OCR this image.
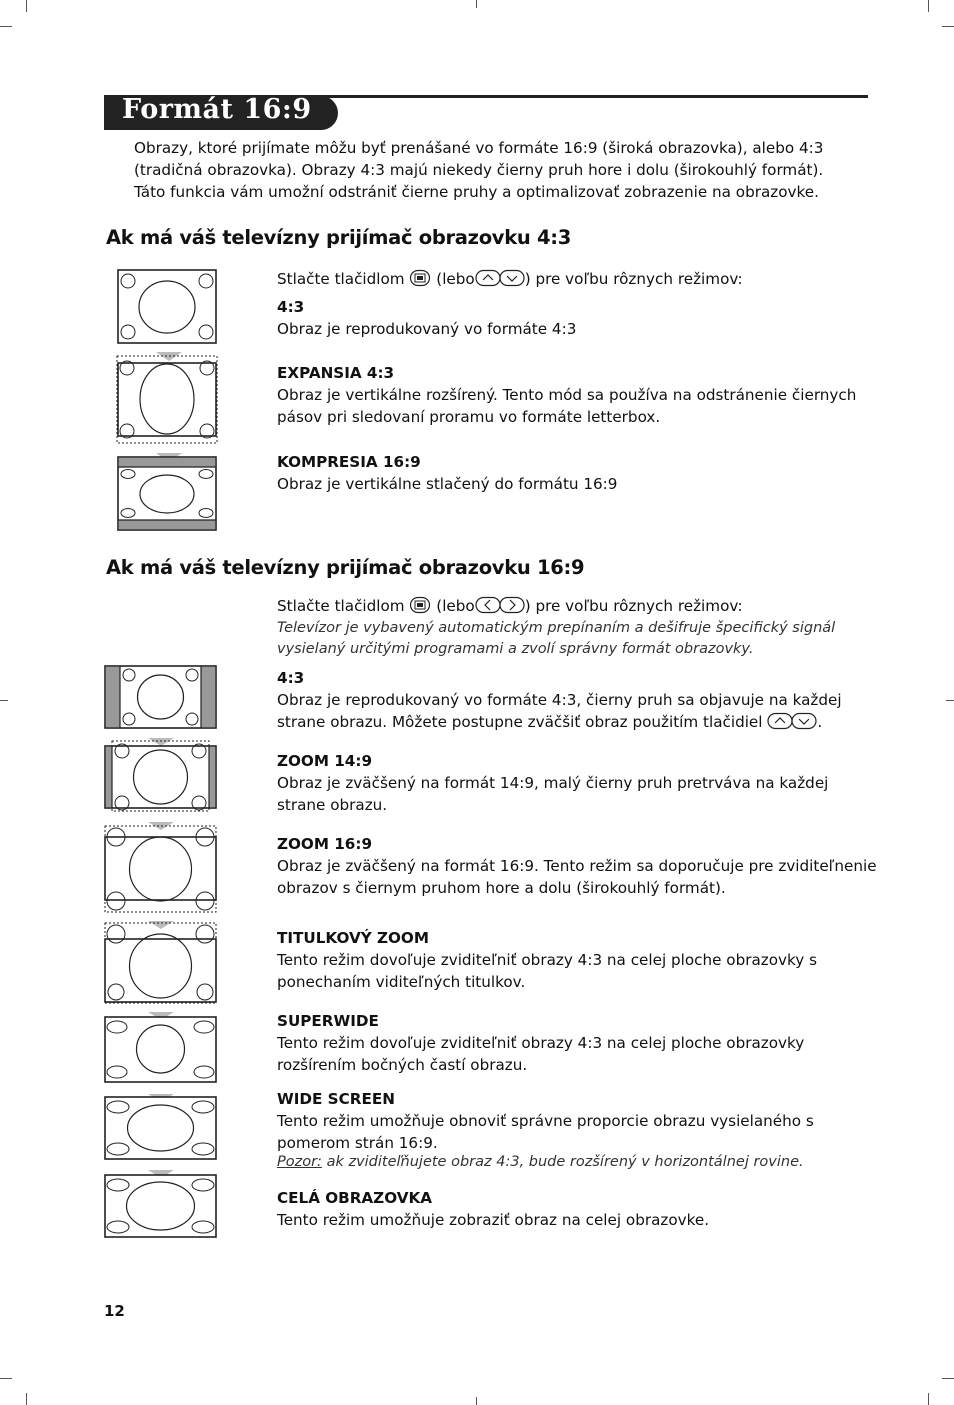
Formát 16:9
Obrazy, ktoré prijímate môžu byť prenášané vo formáte 16:9 (široká obrazovka), alebo 4:3 (tradičná obrazovka). Obrazy 4:3 majú niekedy čierny pruh hore i dolu (širokouhlý formát). Táto funkcia vám umožní odstrániť čierne pruhy a optimalizovať zobrazenie na obrazovke.
Ak má váš televízny prijímač obrazovku 4:3
Stlačte tlačidlom (lebo	) pre voľbu rôznych režimov:
4:3
Obraz je reprodukovaný vo formáte 4:3
EXPANSIA 4:3
Obraz je vertikálne rozšírený. Tento mód sa používa na odstránenie čiernych pásov pri sledovaní proramu vo formáte letterbox.
KOMPRESIA 16:9
Obraz je vertikálne stlačený do formátu 16:9
Ak má váš televízny prijímač obrazovku 16:9
Stlačte tlačidlom (lebo	) pre voľbu rôznych režimov:
Televízor je vybavený automatickým prepínaním a dešifruje špecifický signál vysielaný určitými programami a zvolí správny formát obrazovky.
4:3
Obraz je reprodukovaný vo formáte 4:3, čierny pruh sa objavuje na každej strane obrazu. Môžete postupne zväčšiť obraz použitím tlačidiel	.
ZOOM 14:9
Obraz je zväčšený na formát 14:9, malý čierny pruh pretrváva na každej strane obrazu.
ZOOM 16:9
Obraz je zväčšený na formát 16:9. Tento režim sa doporučuje pre zviditeľnenie obrazov s čiernym pruhom hore a dolu (širokouhlý formát).
TITULKOVÝ ZOOM
Tento režim dovoľuje zviditeľniť obrazy 4:3 na celej ploche obrazovky s ponechaním viditeľných titulkov.
SUPERWIDE
Tento režim dovoľuje zviditeľniť obrazy 4:3 na celej ploche obrazovky rozšírením bočných častí obrazu.
WIDE SCREEN
Tento režim umožňuje obnoviť správne proporcie obrazu vysielaného s pomerom strán 16:9.
Pozor: ak zviditeľňujete obraz 4:3, bude rozšírený v horizontálnej rovine.
CELÁ OBRAZOVKA
Tento režim umožňuje zobraziť obraz na celej obrazovke.
12
